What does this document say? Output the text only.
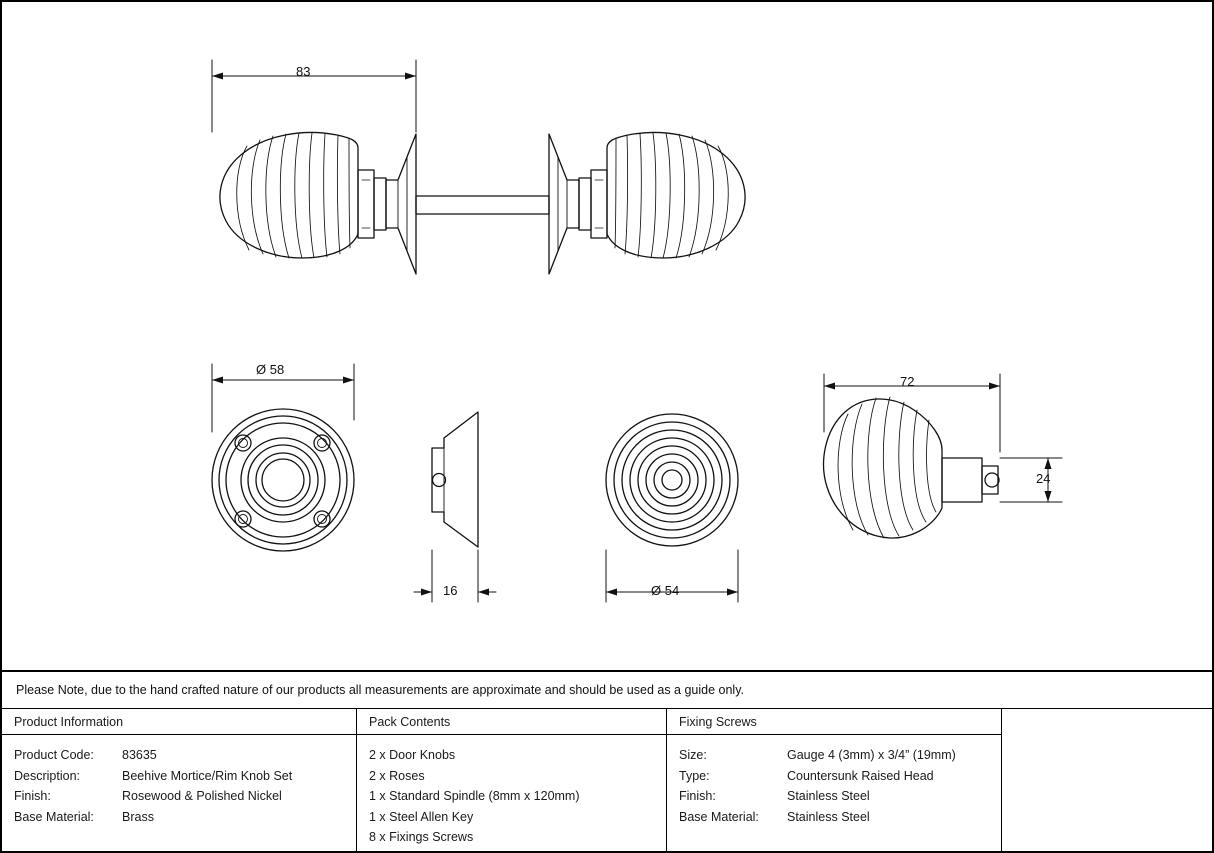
83
Ø 58
16	Ø 54
72
24
Please Note, due to the hand crafted nature of our products all measurements are approximate and should be used as a guide only.
Product Information
Product Code:	83635
Description:	Beehive Mortice/Rim Knob Set
Finish:	Rosewood & Polished Nickel
Base Material:	Brass
Pack Contents
2 x Door Knobs
2 x Roses
1 x Standard Spindle (8mm x 120mm)
1 x Steel Allen Key
8 x Fixings Screws
Fixing Screws
Size:	Gauge 4 (3mm) x 3/4” (19mm)
Type:	Countersunk Raised Head
Finish:	Stainless Steel
Base Material:	Stainless Steel
